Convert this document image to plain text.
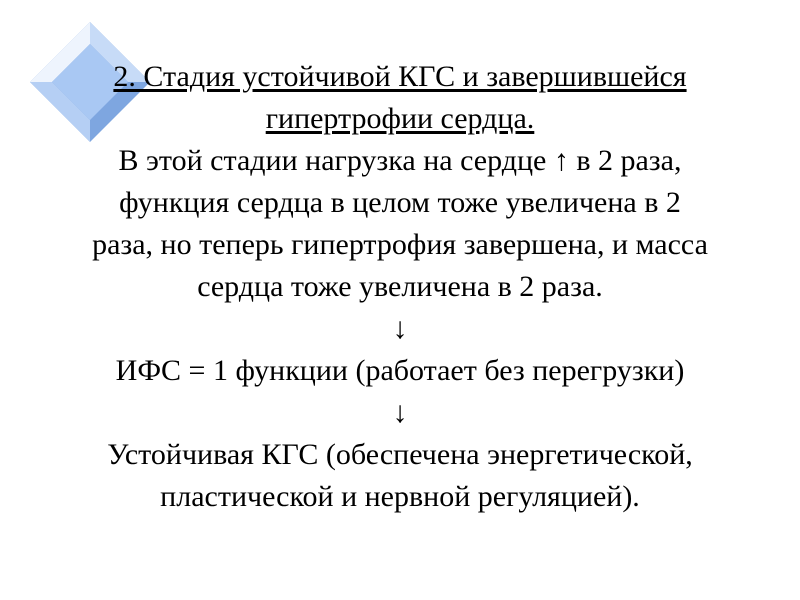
2. Стадия устойчивой КГС и завершившейся
гипертрофии сердца.
В этой стадии нагрузка на сердце ↑ в 2 раза,
функция сердца в целом тоже увеличена в 2
раза, но теперь гипертрофия завершена, и масса
сердца тоже увеличена в 2 раза.
↓
ИФС = 1 функции (работает без перегрузки)
↓
Устойчивая КГС (обеспечена энергетической,
пластической и нервной регуляцией).
